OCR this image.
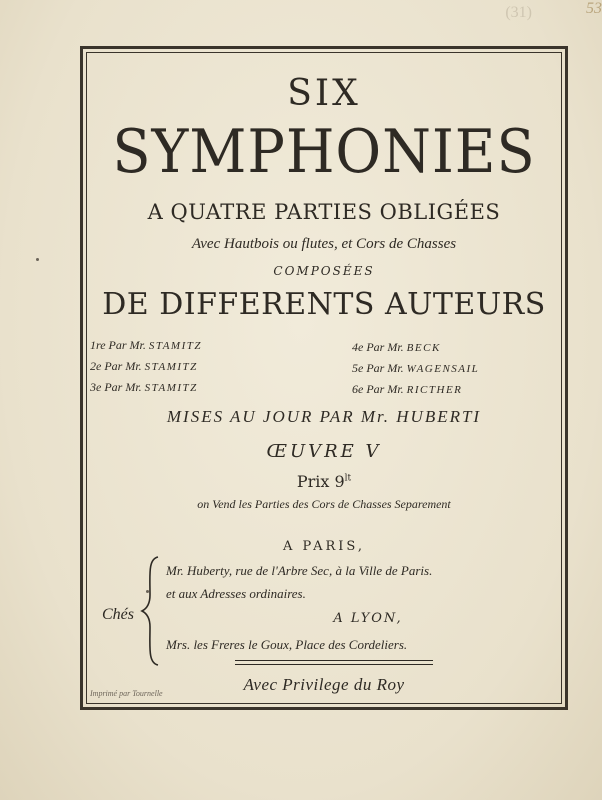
(31)	53
SIX
SYMPHONIES
A QUATRE PARTIES OBLIGÉES
Avec Hautbois ou flutes, et Cors de Chasses
COMPOSÉES
DE DIFFERENTS AUTEURS
1re Par Mr. STAMITZ
2e Par Mr. STAMITZ
3e Par Mr. STAMITZ
4e Par Mr. BECK
5e Par Mr. WAGENSAIL
6e Par Mr. RICTHER
MISES AU JOUR PAR Mr. HUBERTI
ŒUVRE V
Prix $9^{lt}$
on Vend les Parties des Cors de Chasses Separement
A PARIS,
Chés
Mr. Huberty, rue de l'Arbre Sec, à la Ville de Paris.
et aux Adresses ordinaires.
A LYON,
Mrs. les Freres le Goux, Place des Cordeliers.
Avec Privilege du Roy
Imprimé par Tournelle
